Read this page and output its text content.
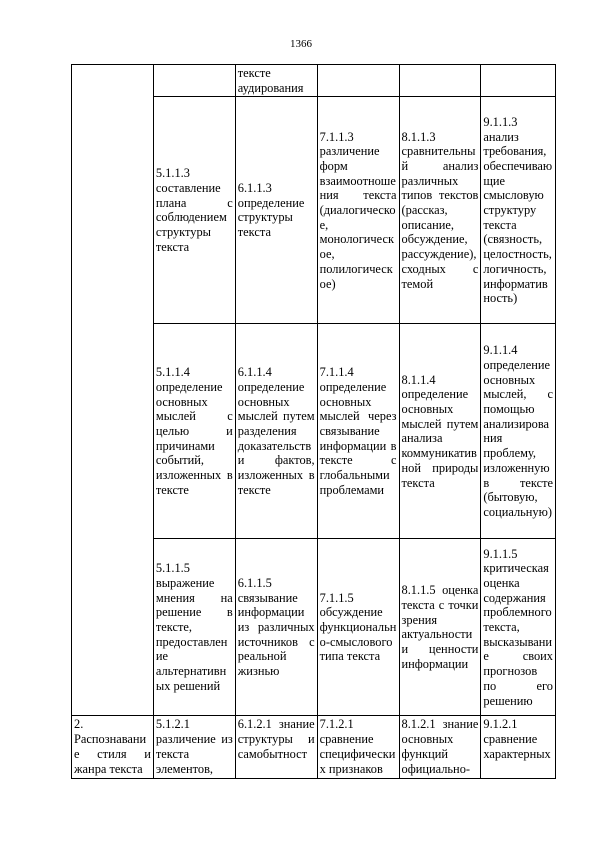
1366
		тексте аудирования			
	5.1.1.3 составление плана с соблюдением структуры текста	6.1.1.3 определение структуры текста	7.1.1.3 различение форм взаимоотношения текста (диалогическое, монологическое, полилогическое)	8.1.1.3 сравнительный анализ различных типов текстов (рассказ, описание, обсуждение, рассуждение), сходных с темой	9.1.1.3 анализ требования, обеспечивающие смысловую структуру текста (связность, целостность, логичность, информативность)
	5.1.1.4 определение основных мыслей с целью и причинами событий, изложенных в тексте	6.1.1.4 определение основных мыслей путем разделения доказательств и фактов, изложенных в тексте	7.1.1.4 определение основных мыслей через связывание информации в тексте с глобальными проблемами	8.1.1.4 определение основных мыслей путем анализа коммуникативной природы текста	9.1.1.4 определение основных мыслей, с помощью анализирования проблему, изложенную в тексте (бытовую, социальную)
	5.1.1.5 выражение мнения на решение в тексте, предоставление альтернативных решений	6.1.1.5 связывание информации из различных источников с реальной жизнью	7.1.1.5 обсуждение функционально-смыслового типа текста	8.1.1.5 оценка текста с точки зрения актуальности и ценности информации	9.1.1.5 критическая оценка содержания проблемного текста, высказывание своих прогнозов по его решению
2. Распознавание стиля и жанра текста	5.1.2.1 различение из текста элементов,	6.1.2.1 знание структуры и самобытност	7.1.2.1 сравнение специфических признаков	8.1.2.1 знание основных функций официально-	9.1.2.1 сравнение характерных
